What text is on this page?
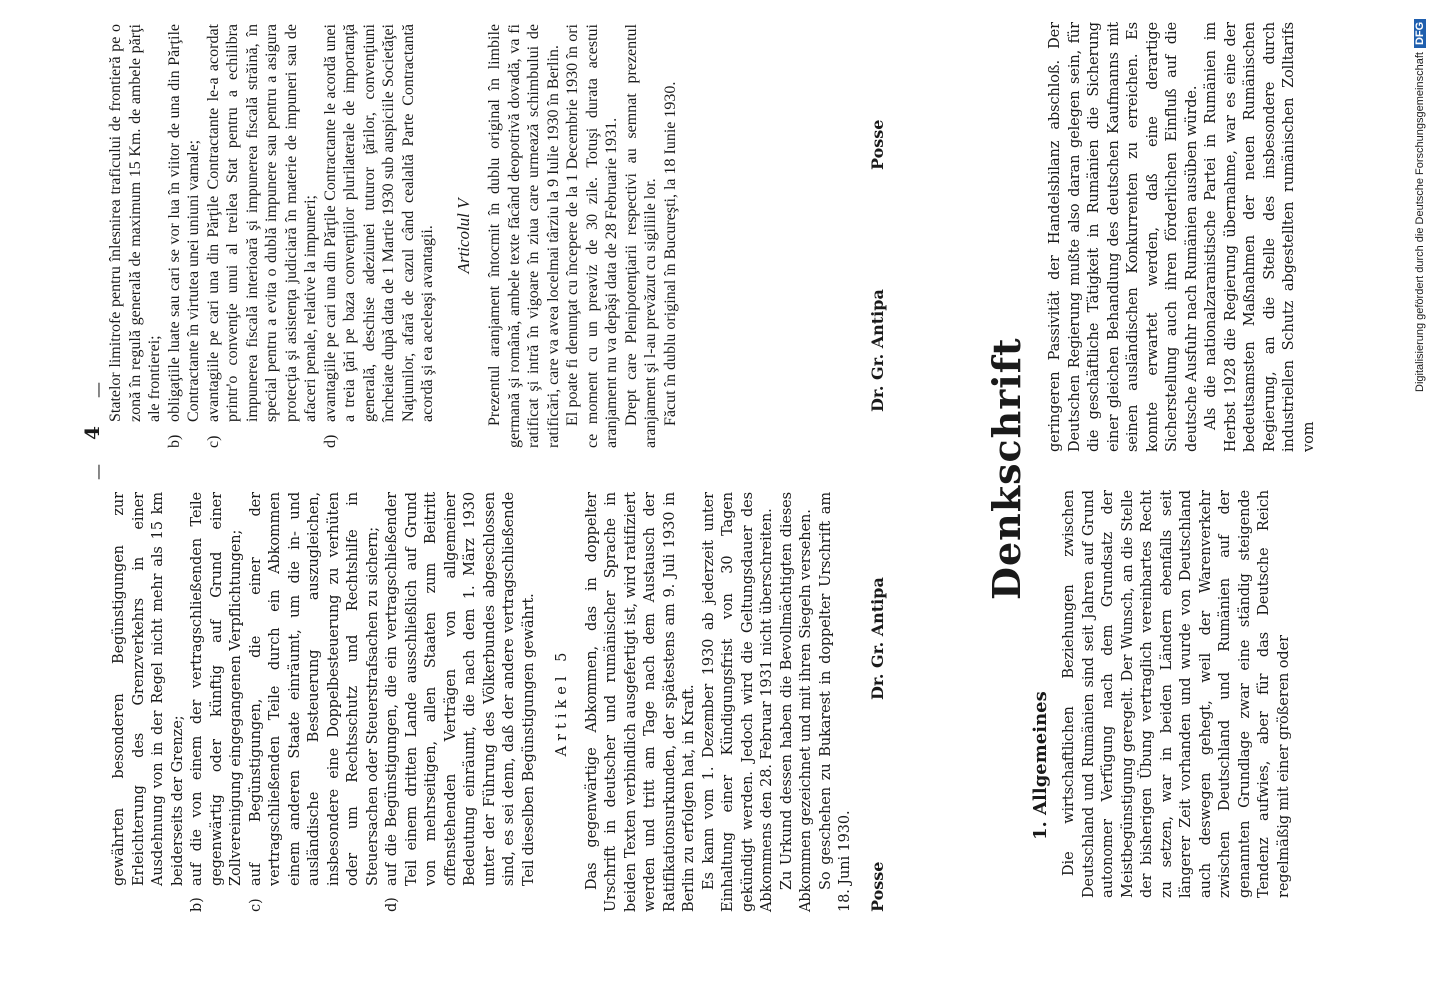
—
4
—
gewährten besonderen Begünstigungen zur Erleichterung des Grenzverkehrs in einer Ausdehnung von in der Regel nicht mehr als 15 km beiderseits der Grenze;
b)
auf die von einem der vertragschließenden Teile gegenwärtig oder künftig auf Grund einer Zollvereinigung eingegangenen Verpflichtungen;
c)
auf Begünstigungen, die einer der vertragschließenden Teile durch ein Abkommen einem anderen Staate einräumt, um die in- und ausländische Besteuerung auszugleichen, insbesondere eine Doppelbesteuerung zu verhüten oder um Rechtsschutz und Rechtshilfe in Steuersachen oder Steuerstrafsachen zu sichern;
d)
auf die Begünstigungen, die ein vertragschließender Teil einem dritten Lande ausschließlich auf Grund von mehrseitigen, allen Staaten zum Beitritt offenstehenden Verträgen von allgemeiner Bedeutung einräumt, die nach dem 1. März 1930 unter der Führung des Völkerbundes abgeschlossen sind, es sei denn, daß der andere vertragschließende Teil dieselben Begünstigungen gewährt. Artikel 5 Das gegenwärtige Abkommen, das in doppelter Urschrift in deutscher und rumänischer Sprache in beiden Texten verbindlich ausgefertigt ist, wird ratifiziert werden und tritt am Tage nach dem Austausch der Ratifikationsurkunden, der spätestens am 9. Juli 1930 in Berlin zu erfolgen hat, in Kraft. Es kann vom 1. Dezember 1930 ab jederzeit unter Einhaltung einer Kündigungsfrist von 30 Tagen gekündigt werden. Jedoch wird die Geltungsdauer des Abkommens den 28. Februar 1931 nicht überschreiten. Zu Urkund dessen haben die Bevollmächtigten dieses Abkommen gezeichnet und mit ihren Siegeln versehen. So geschehen zu Bukarest in doppelter Urschrift am 18. Juni 1930. Posse
Dr. Gr. Antipa
Statelor limitrofe pentru înlesnirea traficului de frontieră pe o zonă în regulă generală de maximum 15 Km. de ambele părţi ale frontierei;
b)
obligaţiile luate sau cari se vor lua în viitor de una din Părţile Contractante în virtutea unei uniuni vamale;
c)
avantagiile pe cari una din Părţile Contractante le-a acordat printr'o convenţie unui al treilea Stat pentru a echilibra impunerea fiscală interioară şi impunerea fiscală străină, în special pentru a evita o dublă impunere sau pentru a asigura protecţia şi asistenţa judiciară în materie de impuneri sau de afaceri penale, relative la impuneri;
d)
avantagiile pe cari una din Părţile Contractante le acordă unei a treia ţări pe baza convenţiilor plurilaterale de importanţă generală, deschise adeziunei tuturor ţărilor, convenţiuni încheiate după data de 1 Martie 1930 sub auspiciile Societăţei Naţiunilor, afară de cazul când cealaltă Parte Contractantă acordă şi ea aceleaşi avantagii. Articolul V Prezentul aranjament întocmit în dublu original în limbile germană şi română, ambele texte făcând deopotrivă dovadă, va fi ratificat şi intră în vigoare în ziua care urmează schimbului de ratificări, care va avea locelmai târziu la 9 Iulie 1930 în Berlin. El poate fi denunţat cu începere de la 1 Decembrie 1930 în ori ce moment cu un preaviz de 30 zile. Totuşi durata acestui aranjament nu va depăşi data de 28 Februarie 1931. Drept care Plenipotenţiarii respectivi au semnat prezentul aranjament şi l-au prevăzut cu sigiliile lor. Făcut în dublu original în Bucureşti, la 18 Iunie 1930.	Dr. Gr. Antipa
Posse
Denkschrift
1. Allgemeines Die wirtschaftlichen Beziehungen zwischen Deutschland und Rumänien sind seit Jahren auf Grund autonomer Verfügung nach dem Grundsatz der Meistbegünstigung geregelt. Der Wunsch, an die Stelle der bisherigen Übung vertraglich vereinbartes Recht zu setzen, war in beiden Ländern ebenfalls seit längerer Zeit vorhanden und wurde von Deutschland auch deswegen gehegt, weil der Warenverkehr zwischen Deutschland und Rumänien auf der genannten Grundlage zwar eine ständig steigende Tendenz aufwies, aber für das Deutsche Reich regelmäßig mit einer größeren oder

geringeren Passivität der Handelsbilanz abschloß. Der Deutschen Regierung mußte also daran gelegen sein, für die geschäftliche Tätigkeit in Rumänien die Sicherung einer gleichen Behandlung des deutschen Kaufmanns mit seinen ausländischen Konkurrenten zu erreichen. Es konnte erwartet werden, daß eine derartige Sicherstellung auch ihren förderlichen Einfluß auf die deutsche Ausfuhr nach Rumänien ausüben würde. Als die nationalzaranistische Partei in Rumänien im Herbst 1928 die Regierung übernahme, war es eine der bedeutsamsten Maßnahmen der neuen Rumänischen Regierung, an die Stelle des insbesondere durch industriellen Schutz abgestellten rumänischen Zolltarifs vom

Digitalisierung gefördert durch die Deutsche ForschungsgemeinschaftDFG
